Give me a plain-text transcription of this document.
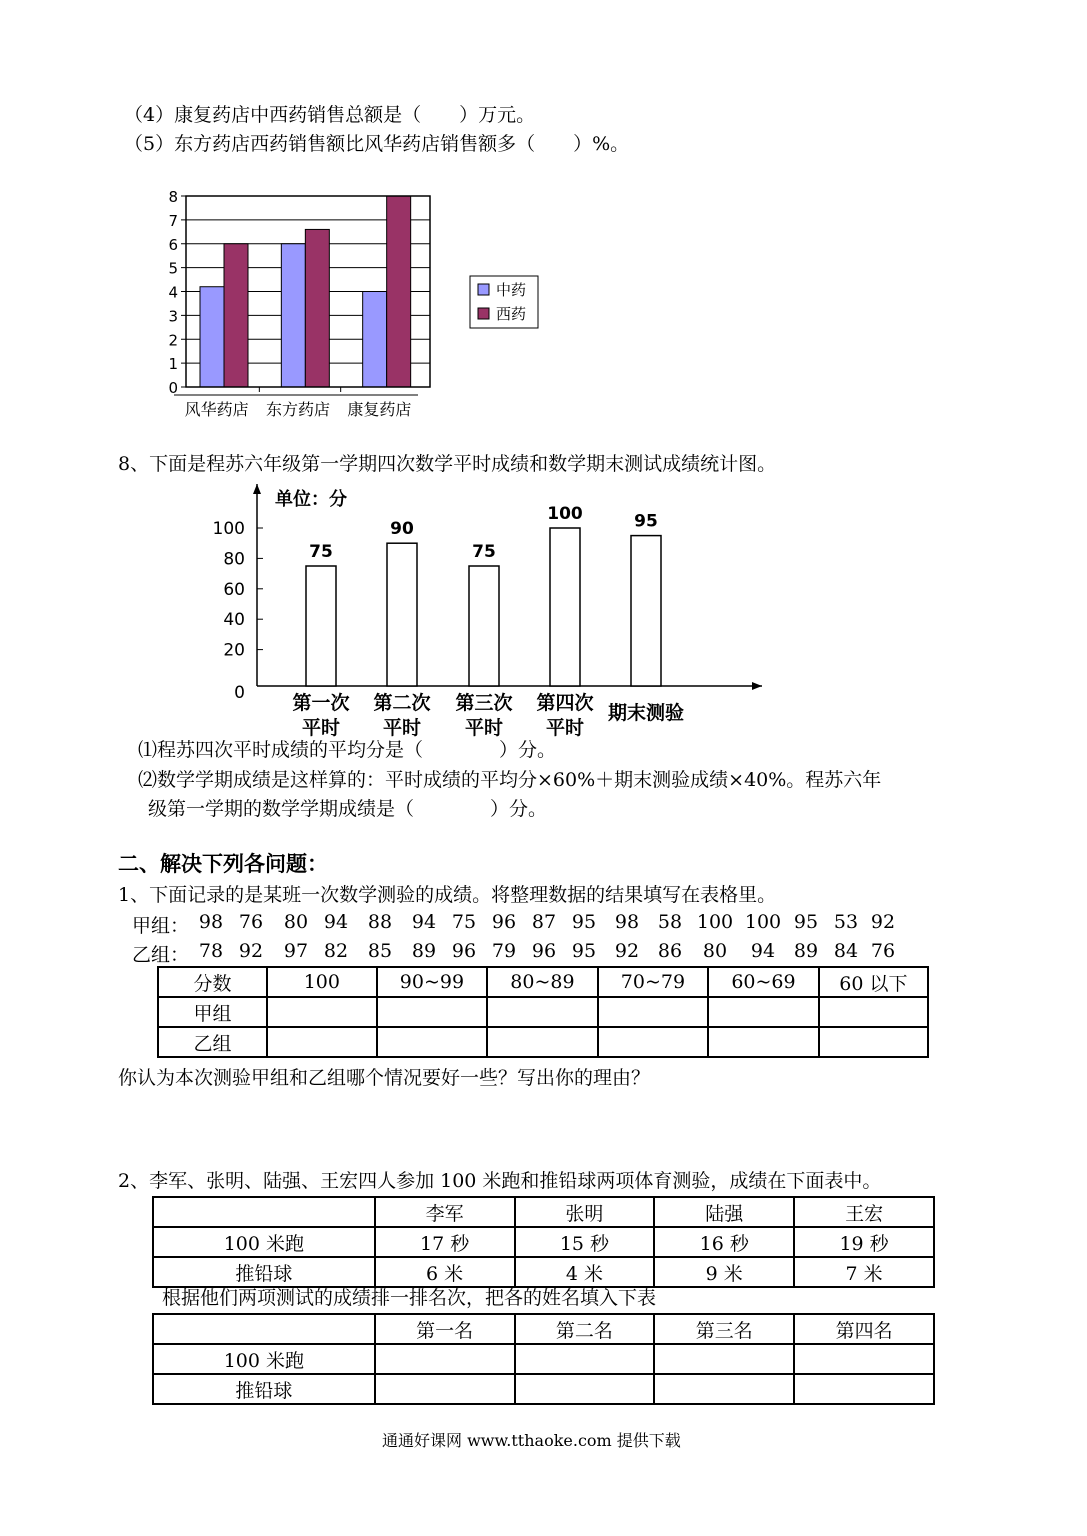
（4）康复药店中西药销售总额是（　　）万元。
（5）东方药店西药销售额比风华药店销售额多（　　）%。
0
1
2
3
4
5
6
7
8
风华药店 东方药店 康复药店
中药
西药
8、下面是程苏六年级第一学期四次数学平时成绩和数学期末测试成绩统计图。
单位：分
0
20
40
60
80
100
75
90
75
100	95
第一次
平时
第二次
平时
第三次
平时
第四次
平时
期末测验
⑴程苏四次平时成绩的平均分是（　　　　）分。
⑵数学学期成绩是这样算的：平时成绩的平均分×60%＋期末测验成绩×40%。程苏六年
级第一学期的数学学期成绩是（　　　　）分。
二、解决下列各问题：
1、下面记录的是某班一次数学测验的成绩。将整理数据的结果填写在表格里。
甲组： 98 76	80 94	88	94 75 96 87 95 98 58 100 100 95 53 92
乙组： 78 92	97 82	85	89 96 79 96 95 92 86	80	94 89 84 76
分数	100	90~99	80~89	70~79	60~69	60 以下
甲组						
乙组						
你认为本次测验甲组和乙组哪个情况要好一些？写出你的理由？
2、李军、张明、陆强、王宏四人参加 100 米跑和推铅球两项体育测验，成绩在下面表中。
	李军	张明	陆强	王宏
100 米跑	17 秒	15 秒	16 秒	19 秒
推铅球	6 米	4 米	9 米	7 米
根据他们两项测试的成绩排一排名次，把各的姓名填入下表
	第一名	第二名	第三名	第四名
100 米跑				
推铅球				
通通好课网 www.tthaoke.com 提供下载
